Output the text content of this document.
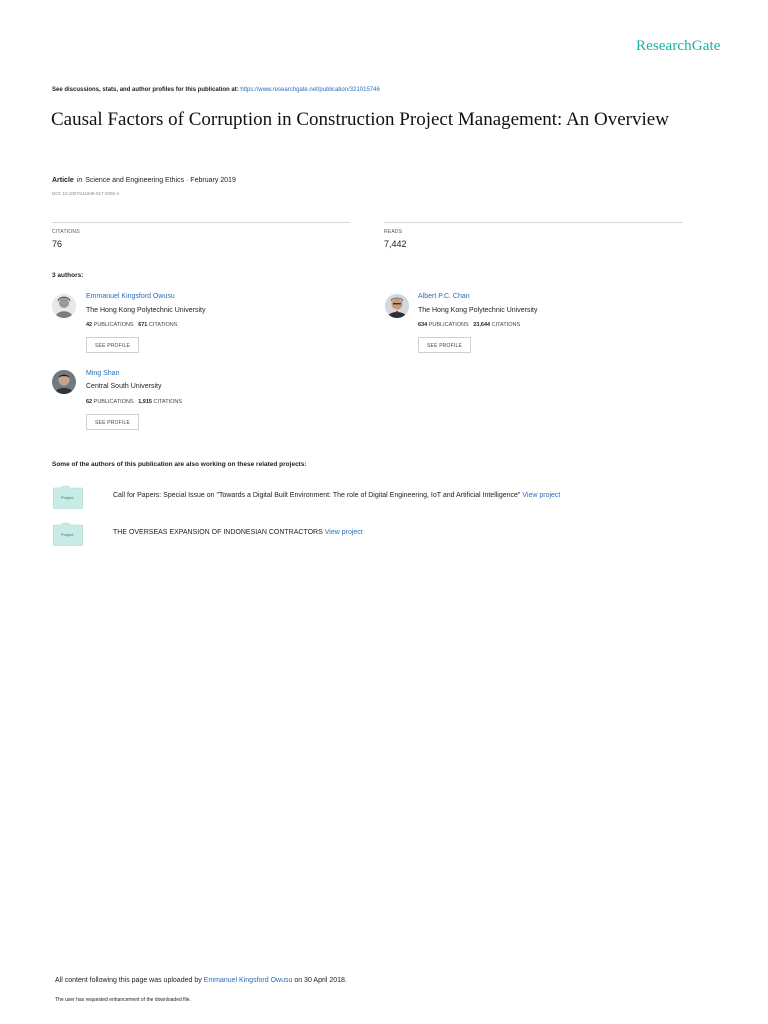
ResearchGate
See discussions, stats, and author profiles for this publication at: https://www.researchgate.net/publication/321015746
Causal Factors of Corruption in Construction Project Management: An Overview
Article in Science and Engineering Ethics · February 2019
DOI: 10.1007/s11948-017-0002-4
CITATIONS
76
READS
7,442
3 authors:
Emmanuel Kingsford Owusu
The Hong Kong Polytechnic University
42 PUBLICATIONS 671 CITATIONS
SEE PROFILE
Albert P.C. Chan
The Hong Kong Polytechnic University
634 PUBLICATIONS 23,644 CITATIONS
SEE PROFILE
Ming Shan
Central South University
62 PUBLICATIONS 1,915 CITATIONS
SEE PROFILE
Some of the authors of this publication are also working on these related projects:
Project	Call for Papers: Special Issue on "Towards a Digital Built Environment: The role of Digital Engineering, IoT and Artificial Intelligence" View project
Project	THE OVERSEAS EXPANSION OF INDONESIAN CONTRACTORS View project
All content following this page was uploaded by Emmanuel Kingsford Owusu on 30 April 2018.
The user has requested enhancement of the downloaded file.
